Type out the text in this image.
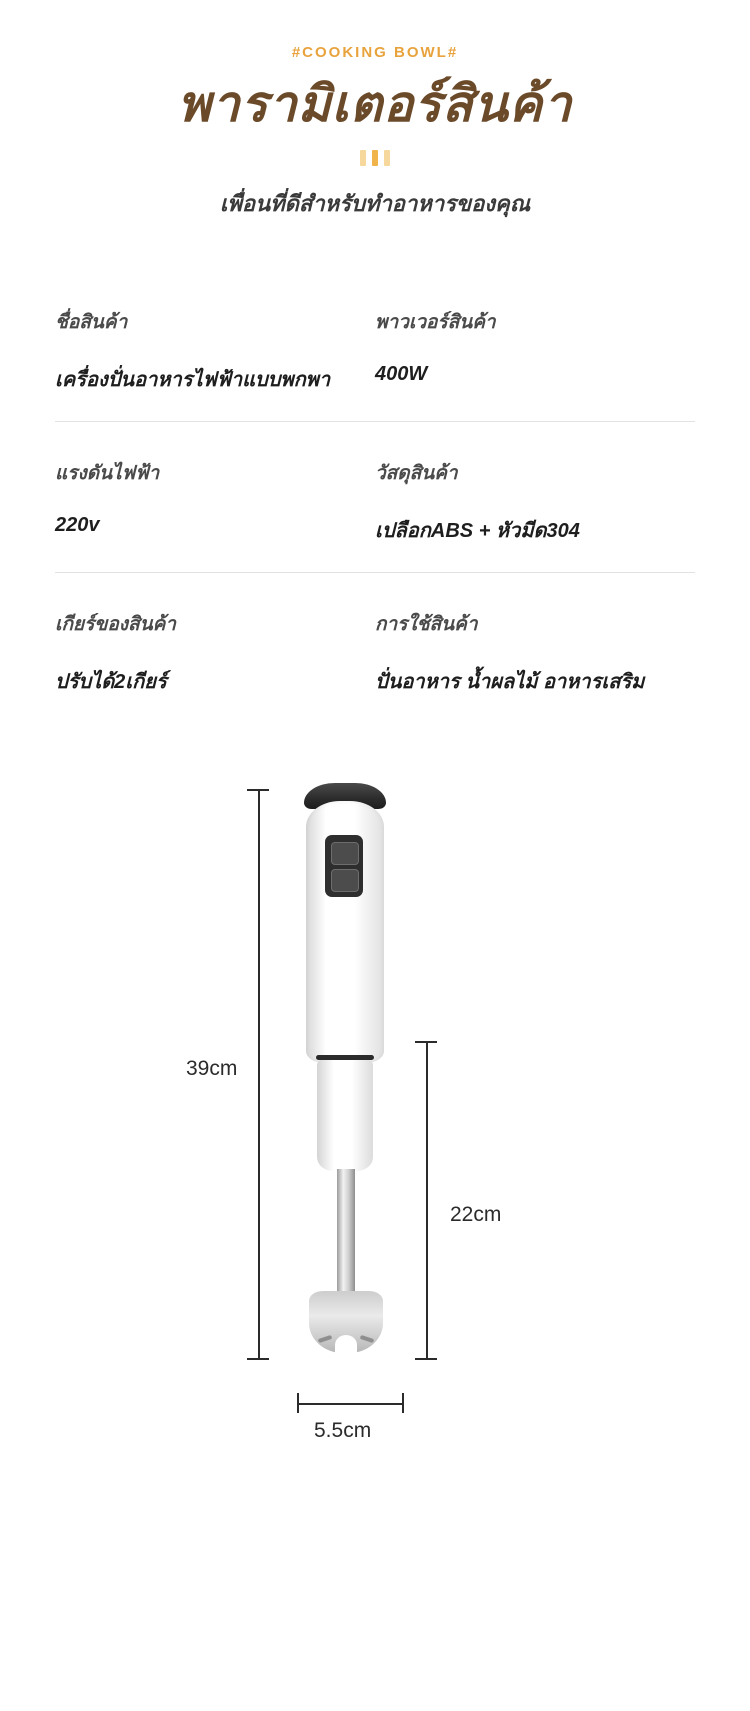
#COOKING BOWL#
พารามิเตอร์สินค้า
เพื่อนที่ดีสำหรับทำอาหารของคุณ
ชื่อสินค้า
เครื่องปั่นอาหารไฟฟ้าแบบพกพา
พาวเวอร์สินค้า
400W
แรงดันไฟฟ้า
220v
วัสดุสินค้า
เปลือกABS + หัวมีด304
เกียร์ของสินค้า
ปรับได้2เกียร์
การใช้สินค้า
ปั่นอาหาร น้ำผลไม้ อาหารเสริม
39cm
22cm
5.5cm
